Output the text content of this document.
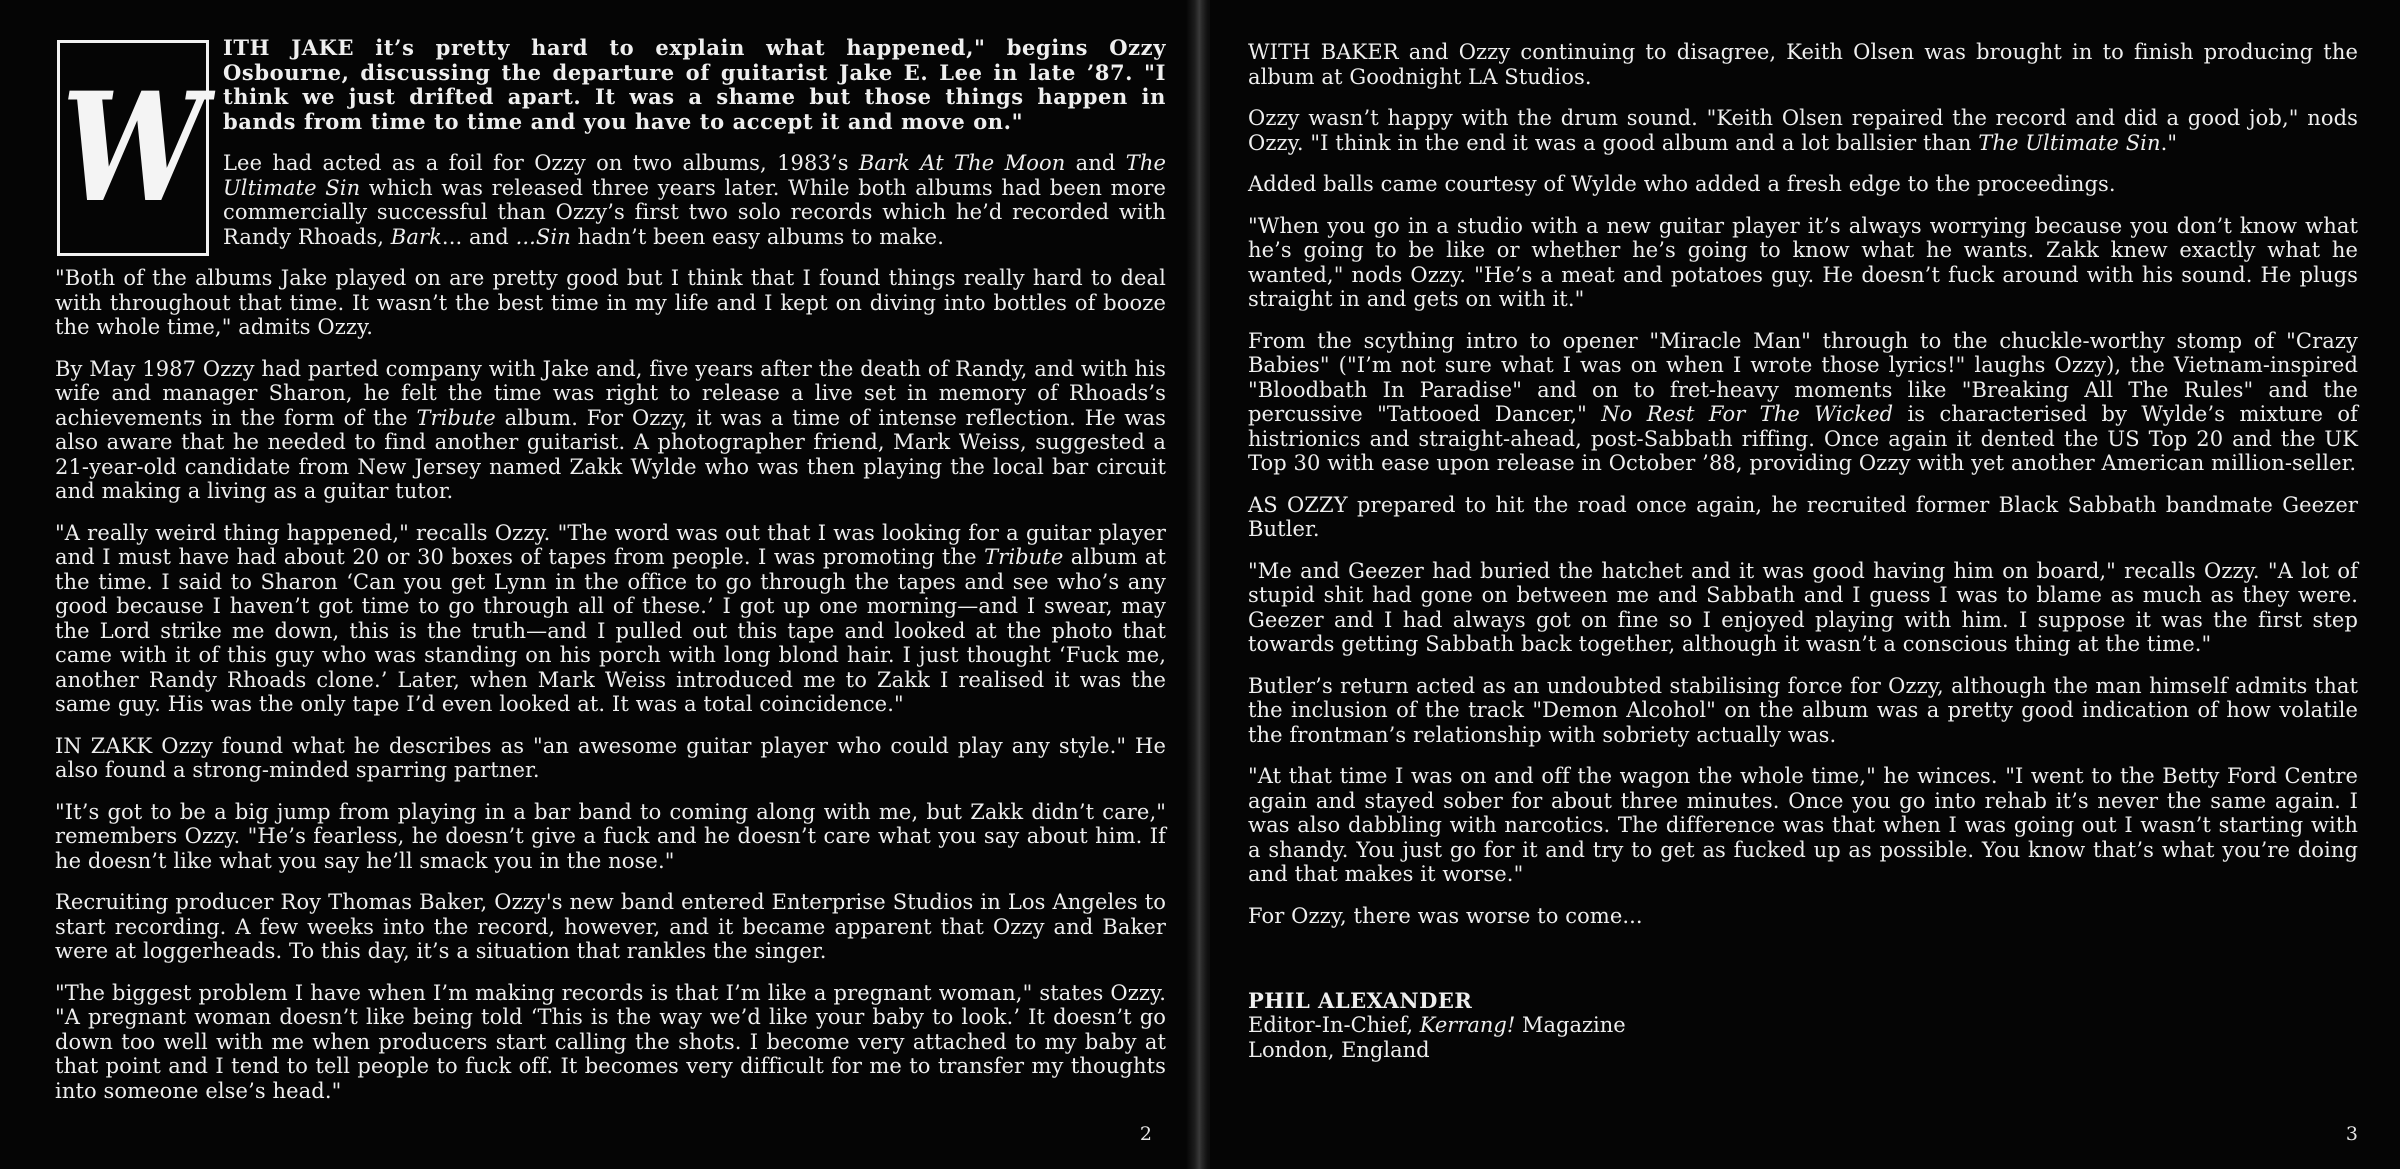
W

ITH JAKE it’s pretty hard to explain what happened," begins Ozzy Osbourne, discussing the departure of guitarist Jake E. Lee in late ’87. "I think we just drifted apart. It was a shame but those things happen in bands from time to time and you have to accept it and move on."

Lee had acted as a foil for Ozzy on two albums, 1983’s Bark At The Moon and The Ultimate Sin which was released three years later. While both albums had been more commercially successful than Ozzy’s first two solo records which he’d recorded with Randy Rhoads, Bark... and ...Sin hadn’t been easy albums to make.

"Both of the albums Jake played on are pretty good but I think that I found things really hard to deal with throughout that time. It wasn’t the best time in my life and I kept on diving into bottles of booze the whole time," admits Ozzy.

By May 1987 Ozzy had parted company with Jake and, five years after the death of Randy, and with his wife and manager Sharon, he felt the time was right to release a live set in memory of Rhoads’s achievements in the form of the Tribute album. For Ozzy, it was a time of intense reflection. He was also aware that he needed to find another guitarist. A photographer friend, Mark Weiss, suggested a 21-year-old candidate from New Jersey named Zakk Wylde who was then playing the local bar circuit and making a living as a guitar tutor.

"A really weird thing happened," recalls Ozzy. "The word was out that I was looking for a guitar player and I must have had about 20 or 30 boxes of tapes from people. I was promoting the Tribute album at the time. I said to Sharon ‘Can you get Lynn in the office to go through the tapes and see who’s any good because I haven’t got time to go through all of these.’ I got up one morning—and I swear, may the Lord strike me down, this is the truth—and I pulled out this tape and looked at the photo that came with it of this guy who was standing on his porch with long blond hair. I just thought ‘Fuck me, another Randy Rhoads clone.’ Later, when Mark Weiss introduced me to Zakk I realised it was the same guy. His was the only tape I’d even looked at. It was a total coincidence."

IN ZAKK Ozzy found what he describes as "an awesome guitar player who could play any style." He also found a strong-minded sparring partner.

"It’s got to be a big jump from playing in a bar band to coming along with me, but Zakk didn’t care," remembers Ozzy. "He’s fearless, he doesn’t give a fuck and he doesn’t care what you say about him. If he doesn’t like what you say he’ll smack you in the nose."

Recruiting producer Roy Thomas Baker, Ozzy's new band entered Enterprise Studios in Los Angeles to start recording. A few weeks into the record, however, and it became apparent that Ozzy and Baker were at loggerheads. To this day, it’s a situation that rankles the singer.

"The biggest problem I have when I’m making records is that I’m like a pregnant woman," states Ozzy. "A pregnant woman doesn’t like being told ‘This is the way we’d like your baby to look.’ It doesn’t go down too well with me when producers start calling the shots. I become very attached to my baby at that point and I tend to tell people to fuck off. It becomes very difficult for me to transfer my thoughts into someone else’s head."

2

WITH BAKER and Ozzy continuing to disagree, Keith Olsen was brought in to finish producing the album at Goodnight LA Studios.

Ozzy wasn’t happy with the drum sound. "Keith Olsen repaired the record and did a good job," nods Ozzy. "I think in the end it was a good album and a lot ballsier than The Ultimate Sin."

Added balls came courtesy of Wylde who added a fresh edge to the proceedings.

"When you go in a studio with a new guitar player it’s always worrying because you don’t know what he’s going to be like or whether he’s going to know what he wants. Zakk knew exactly what he wanted," nods Ozzy. "He’s a meat and potatoes guy. He doesn’t fuck around with his sound. He plugs straight in and gets on with it."

From the scything intro to opener "Miracle Man" through to the chuckle-worthy stomp of "Crazy Babies" ("I’m not sure what I was on when I wrote those lyrics!" laughs Ozzy), the Vietnam-inspired "Bloodbath In Paradise" and on to fret-heavy moments like "Breaking All The Rules" and the percussive "Tattooed Dancer," No Rest For The Wicked is characterised by Wylde’s mixture of histrionics and straight-ahead, post-Sabbath riffing. Once again it dented the US Top 20 and the UK Top 30 with ease upon release in October ’88, providing Ozzy with yet another American million-seller.

AS OZZY prepared to hit the road once again, he recruited former Black Sabbath bandmate Geezer Butler.

"Me and Geezer had buried the hatchet and it was good having him on board," recalls Ozzy. "A lot of stupid shit had gone on between me and Sabbath and I guess I was to blame as much as they were. Geezer and I had always got on fine so I enjoyed playing with him. I suppose it was the first step towards getting Sabbath back together, although it wasn’t a conscious thing at the time."

Butler’s return acted as an undoubted stabilising force for Ozzy, although the man himself admits that the inclusion of the track "Demon Alcohol" on the album was a pretty good indication of how volatile the frontman’s relationship with sobriety actually was.

"At that time I was on and off the wagon the whole time," he winces. "I went to the Betty Ford Centre again and stayed sober for about three minutes. Once you go into rehab it’s never the same again. I was also dabbling with narcotics. The difference was that when I was going out I wasn’t starting with a shandy. You just go for it and try to get as fucked up as possible. You know that’s what you’re doing and that makes it worse."

For Ozzy, there was worse to come...

PHIL ALEXANDER
Editor-In-Chief, Kerrang! Magazine
London, England
3
